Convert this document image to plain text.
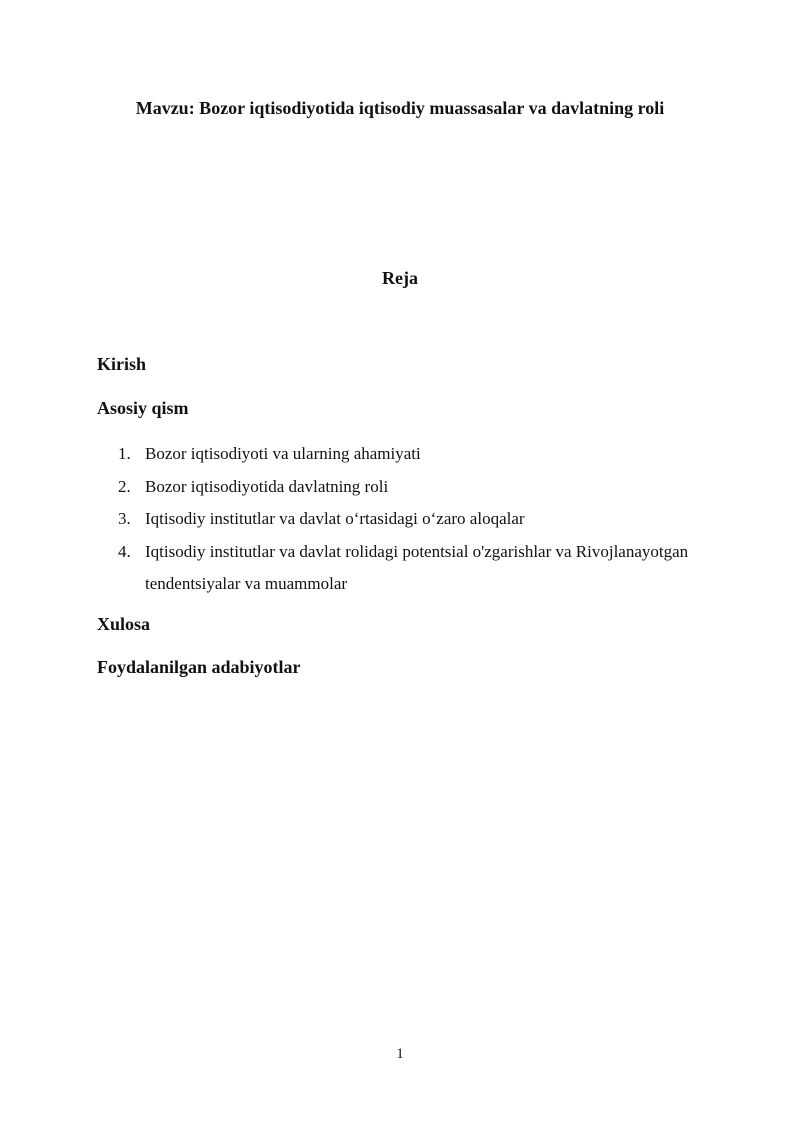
Mavzu: Bozor iqtisodiyotida iqtisodiy muassasalar va davlatning roli
Reja
Kirish
Asosiy qism
1. Bozor iqtisodiyoti va ularning ahamiyati
2. Bozor iqtisodiyotida davlatning roli
3. Iqtisodiy institutlar va davlat o‘rtasidagi o‘zaro aloqalar
4. Iqtisodiy institutlar va davlat rolidagi potentsial o'zgarishlar va Rivojlanayotgan tendentsiyalar va muammolar
Xulosa
Foydalanilgan adabiyotlar
1
